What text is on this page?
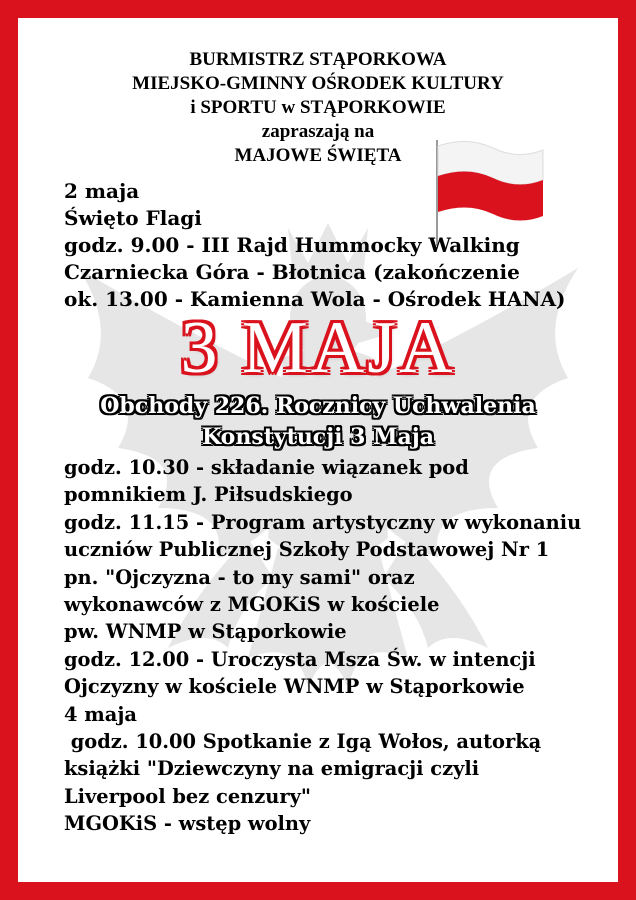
BURMISTRZ STĄPORKOWA
MIEJSKO-GMINNY OŚRODEK KULTURY
i SPORTU w STĄPORKOWIE
zapraszają na
MAJOWE ŚWIĘTA
2 maja
Święto Flagi
godz. 9.00 - III Rajd Hummocky Walking
Czarniecka Góra - Błotnica (zakończenie
ok. 13.00 - Kamienna Wola - Ośrodek HANA)
3 MAJA
Obchody 226. Rocznicy Uchwalenia
Konstytucji 3 Maja
godz. 10.30 - składanie wiązanek pod
pomnikiem J. Piłsudskiego
godz. 11.15 - Program artystyczny w wykonaniu
uczniów Publicznej Szkoły Podstawowej Nr 1
pn. "Ojczyzna - to my sami" oraz
wykonawców z MGOKiS w kościele
pw. WNMP w Stąporkowie
godz. 12.00 - Uroczysta Msza Św. w intencji
Ojczyzny w kościele WNMP w Stąporkowie
4 maja
godz. 10.00 Spotkanie z Igą Wołos, autorką
książki "Dziewczyny na emigracji czyli
Liverpool bez cenzury"
MGOKiS - wstęp wolny
